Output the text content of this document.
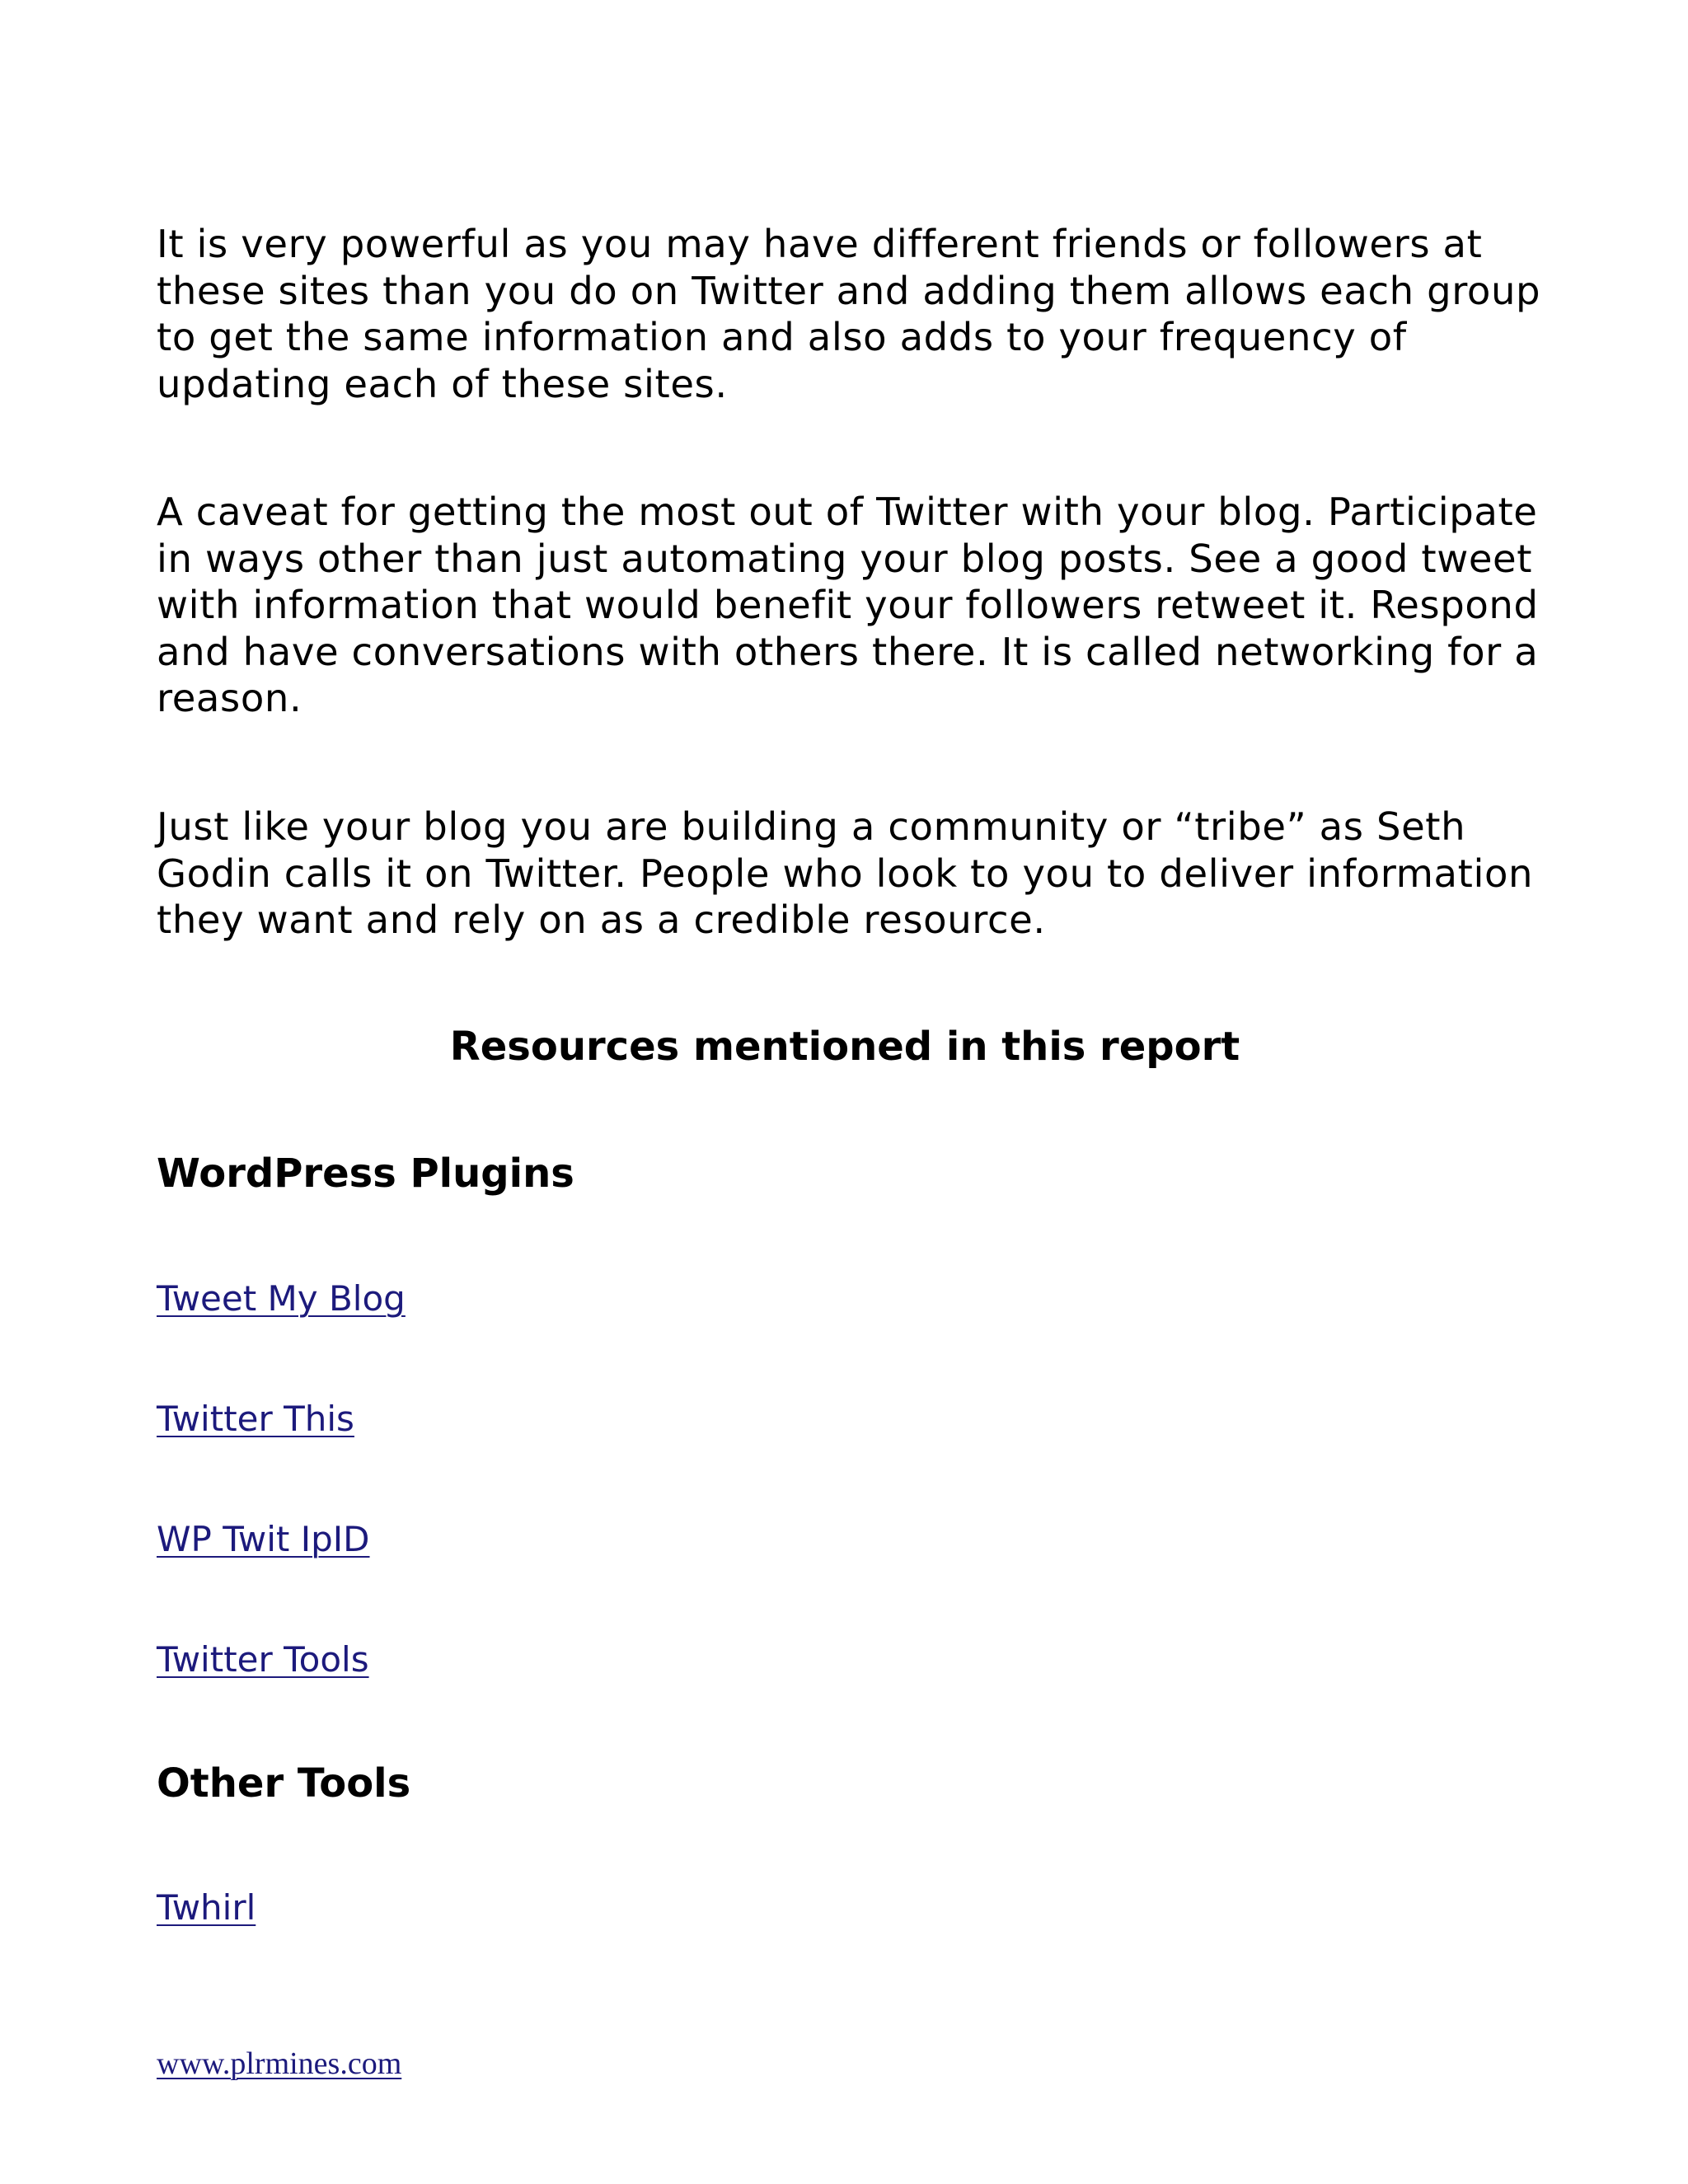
It is very powerful as you may have different friends or followers at
these sites than you do on Twitter and adding them allows each group
to get the same information and also adds to your frequency of
updating each of these sites.

A caveat for getting the most out of Twitter with your blog. Participate
in ways other than just automating your blog posts. See a good tweet
with information that would benefit your followers retweet it. Respond
and have conversations with others there. It is called networking for a
reason.

Just like your blog you are building a community or “tribe” as Seth
Godin calls it on Twitter. People who look to you to deliver information
they want and rely on as a credible resource.

Resources mentioned in this report
WordPress Plugins
Tweet My Blog
Twitter This
WP Twit IpID
Twitter Tools
Other Tools
Twhirl
www.plrmines.com
